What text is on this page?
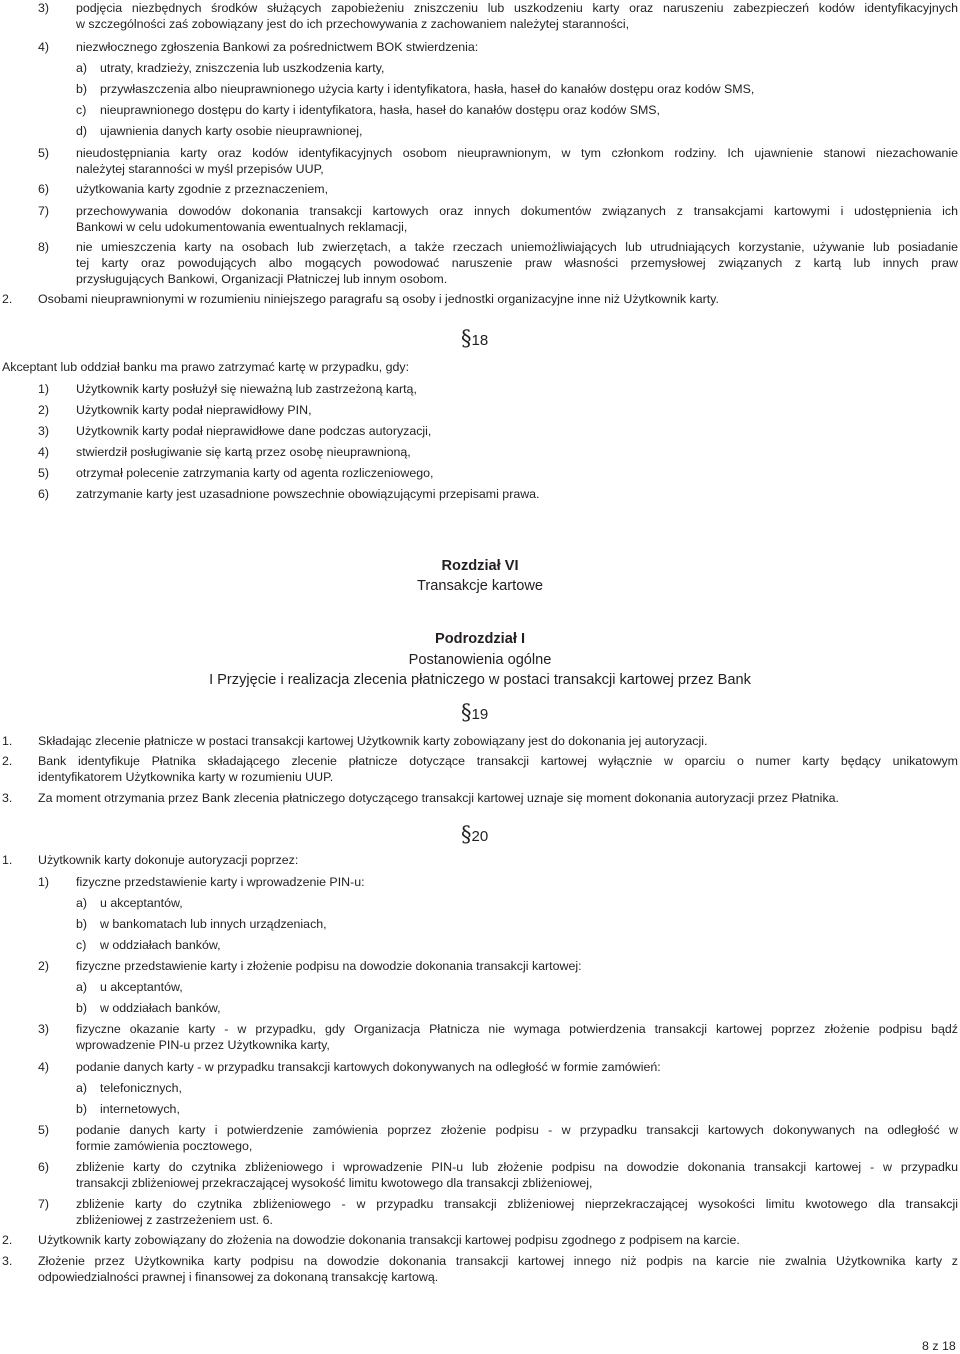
3) podjęcia niezbędnych środków służących zapobieżeniu zniszczeniu lub uszkodzeniu karty oraz naruszeniu zabezpieczeń kodów identyfikacyjnych
w szczególności zaś zobowiązany jest do ich przechowywania z zachowaniem należytej staranności,
4) niezwłocznego zgłoszenia Bankowi za pośrednictwem BOK stwierdzenia:
a) utraty, kradzieży, zniszczenia lub uszkodzenia karty,
b) przywłaszczenia albo nieuprawnionego użycia karty i identyfikatora, hasła, haseł do kanałów dostępu oraz kodów SMS,
c) nieuprawnionego dostępu do karty i identyfikatora, hasła, haseł do kanałów dostępu oraz kodów SMS,
d) ujawnienia danych karty osobie nieuprawnionej,
5) nieudostępniania karty oraz kodów identyfikacyjnych osobom nieuprawnionym, w tym członkom rodziny. Ich ujawnienie stanowi niezachowanie
należytej staranności w myśl przepisów UUP,
6) użytkowania karty zgodnie z przeznaczeniem,
7) przechowywania dowodów dokonania transakcji kartowych oraz innych dokumentów związanych z transakcjami kartowymi i udostępnienia ich
Bankowi w celu udokumentowania ewentualnych reklamacji,
8) nie umieszczenia karty na osobach lub zwierzętach, a także rzeczach uniemożliwiających lub utrudniających korzystanie, używanie lub posiadanie
tej karty oraz powodujących albo mogących powodować naruszenie praw własności przemysłowej związanych z kartą lub innych praw
przysługujących Bankowi, Organizacji Płatniczej lub innym osobom.
2. Osobami nieuprawnionymi w rozumieniu niniejszego paragrafu są osoby i jednostki organizacyjne inne niż Użytkownik karty.
§18
Akceptant lub oddział banku ma prawo zatrzymać kartę w przypadku, gdy:
1) Użytkownik karty posłużył się nieważną lub zastrzeżoną kartą,
2) Użytkownik karty podał nieprawidłowy PIN,
3) Użytkownik karty podał nieprawidłowe dane podczas autoryzacji,
4) stwierdził posługiwanie się kartą przez osobę nieuprawnioną,
5) otrzymał polecenie zatrzymania karty od agenta rozliczeniowego,
6) zatrzymanie karty jest uzasadnione powszechnie obowiązującymi przepisami prawa.
Rozdział VI
Transakcje kartowe
Podrozdział I
Postanowienia ogólne
I Przyjęcie i realizacja zlecenia płatniczego w postaci transakcji kartowej przez Bank
§19
1. Składając zlecenie płatnicze w postaci transakcji kartowej Użytkownik karty zobowiązany jest do dokonania jej autoryzacji.
2. Bank identyfikuje Płatnika składającego zlecenie płatnicze dotyczące transakcji kartowej wyłącznie w oparciu o numer karty będący unikatowym
identyfikatorem Użytkownika karty w rozumieniu UUP.
3. Za moment otrzymania przez Bank zlecenia płatniczego dotyczącego transakcji kartowej uznaje się moment dokonania autoryzacji przez Płatnika.
§20
1. Użytkownik karty dokonuje autoryzacji poprzez:
1) fizyczne przedstawienie karty i wprowadzenie PIN-u:
a) u akceptantów,
b) w bankomatach lub innych urządzeniach,
c) w oddziałach banków,
2) fizyczne przedstawienie karty i złożenie podpisu na dowodzie dokonania transakcji kartowej:
a) u akceptantów,
b) w oddziałach banków,
3) fizyczne okazanie karty - w przypadku, gdy Organizacja Płatnicza nie wymaga potwierdzenia transakcji kartowej poprzez złożenie podpisu bądź
wprowadzenie PIN-u przez Użytkownika karty,
4) podanie danych karty - w przypadku transakcji kartowych dokonywanych na odległość w formie zamówień:
a) telefonicznych,
b) internetowych,
5) podanie danych karty i potwierdzenie zamówienia poprzez złożenie podpisu - w przypadku transakcji kartowych dokonywanych na odległość w
formie zamówienia pocztowego,
6) zbliżenie karty do czytnika zbliżeniowego i wprowadzenie PIN-u lub złożenie podpisu na dowodzie dokonania transakcji kartowej - w przypadku
transakcji zbliżeniowej przekraczającej wysokość limitu kwotowego dla transakcji zbliżeniowej,
7) zbliżenie karty do czytnika zbliżeniowego - w przypadku transakcji zbliżeniowej nieprzekraczającej wysokości limitu kwotowego dla transakcji
zbliżeniowej z zastrzeżeniem ust. 6.
2. Użytkownik karty zobowiązany do złożenia na dowodzie dokonania transakcji kartowej podpisu zgodnego z podpisem na karcie.
3. Złożenie przez Użytkownika karty podpisu na dowodzie dokonania transakcji kartowej innego niż podpis na karcie nie zwalnia Użytkownika karty z
odpowiedzialności prawnej i finansowej za dokonaną transakcję kartową.
8 z 18
